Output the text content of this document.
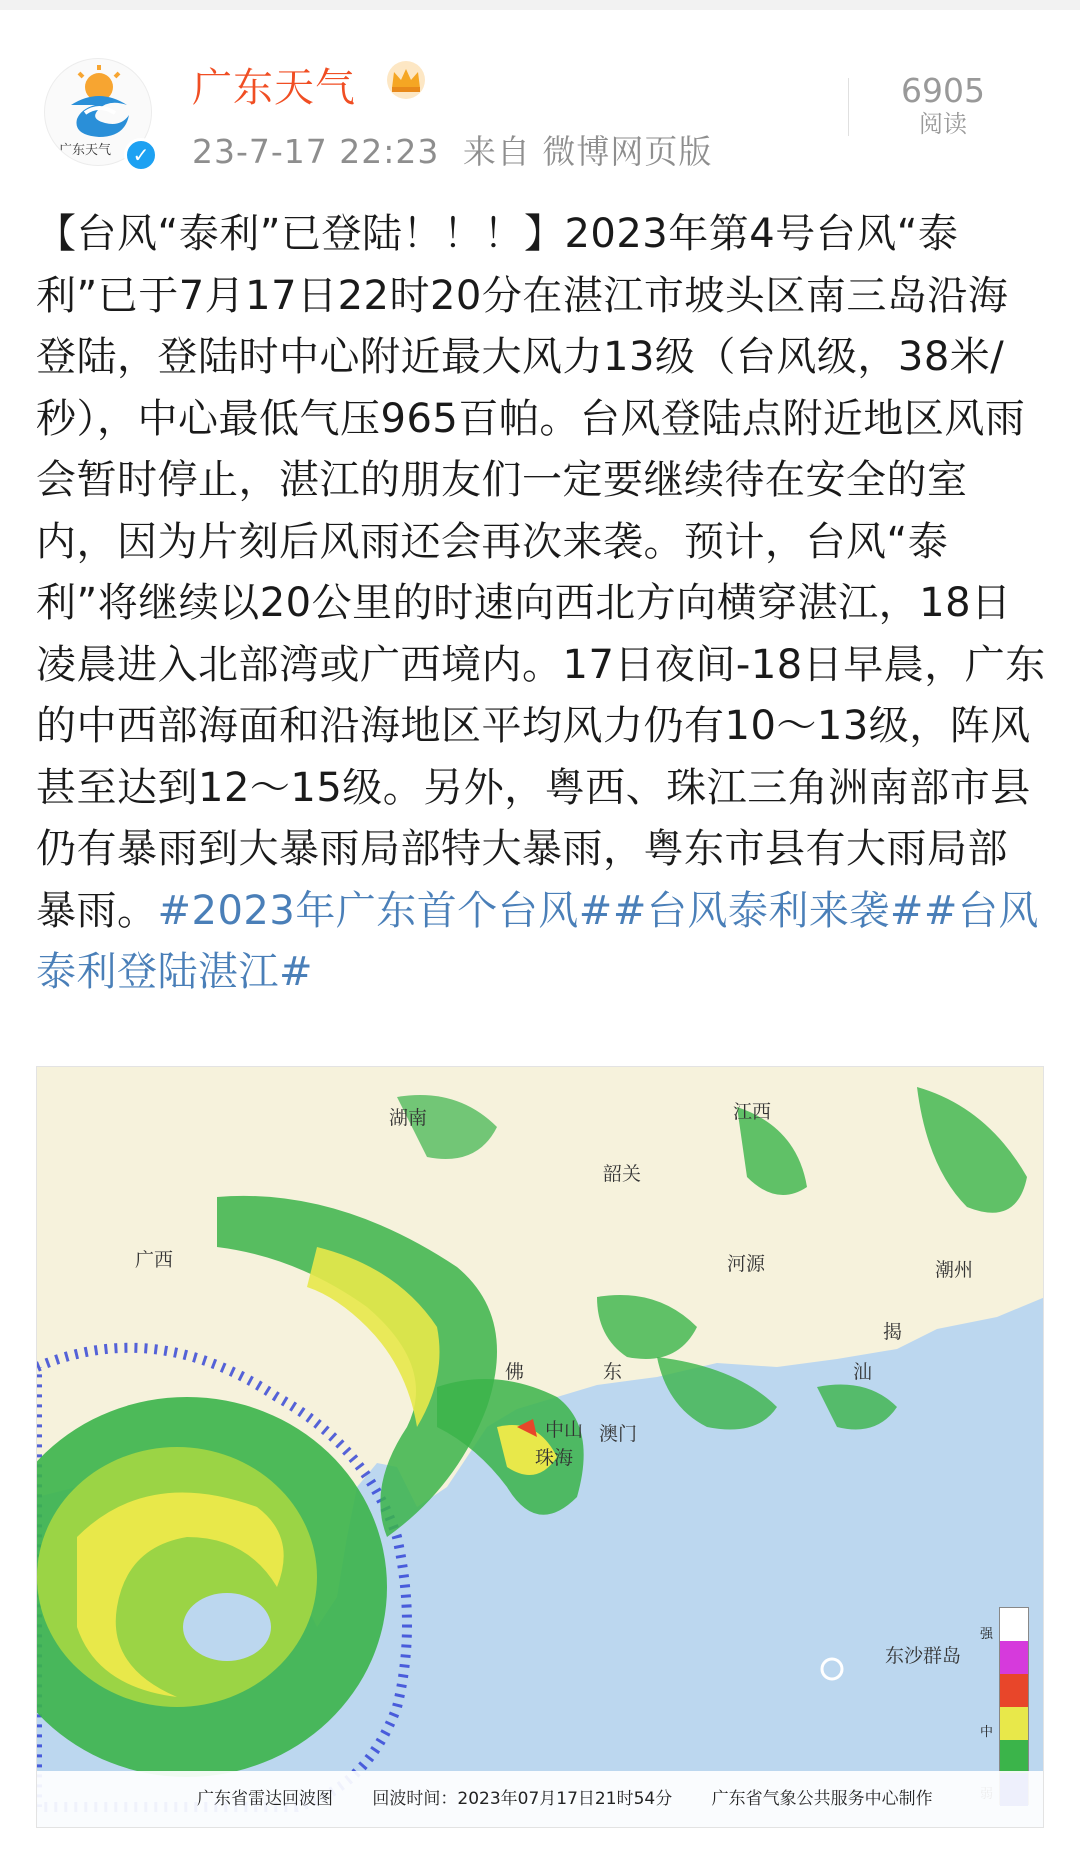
广东天气	✓
广东天气
23-7-17 22:23 来自 微博网页版
6905
阅读
【台风“泰利”已登陆！！！】2023年第4号台风“泰利”已于7月17日22时20分在湛江市坡头区南三岛沿海登陆，登陆时中心附近最大风力13级（台风级，38米/秒），中心最低气压965百帕。台风登陆点附近地区风雨会暂时停止，湛江的朋友们一定要继续待在安全的室内，因为片刻后风雨还会再次来袭。预计，台风“泰利”将继续以20公里的时速向西北方向横穿湛江，18日凌晨进入北部湾或广西境内。17日夜间-18日早晨，广东的中西部海面和沿海地区平均风力仍有10～13级，阵风甚至达到12～15级。另外，粤西、珠江三角洲南部市县仍有暴雨到大暴雨局部特大暴雨，粤东市县有大雨局部暴雨。#2023年广东首个台风##台风泰利来袭##台风泰利登陆湛江#
湖南	江西
韶关
广西	河源	潮州
揭
汕
东
佛
中山 澳门
珠海
东沙群岛
强
中
广东省雷达回波图 回波时间：2023年07月17日21时54分 广东省气象公共服务中心制作
